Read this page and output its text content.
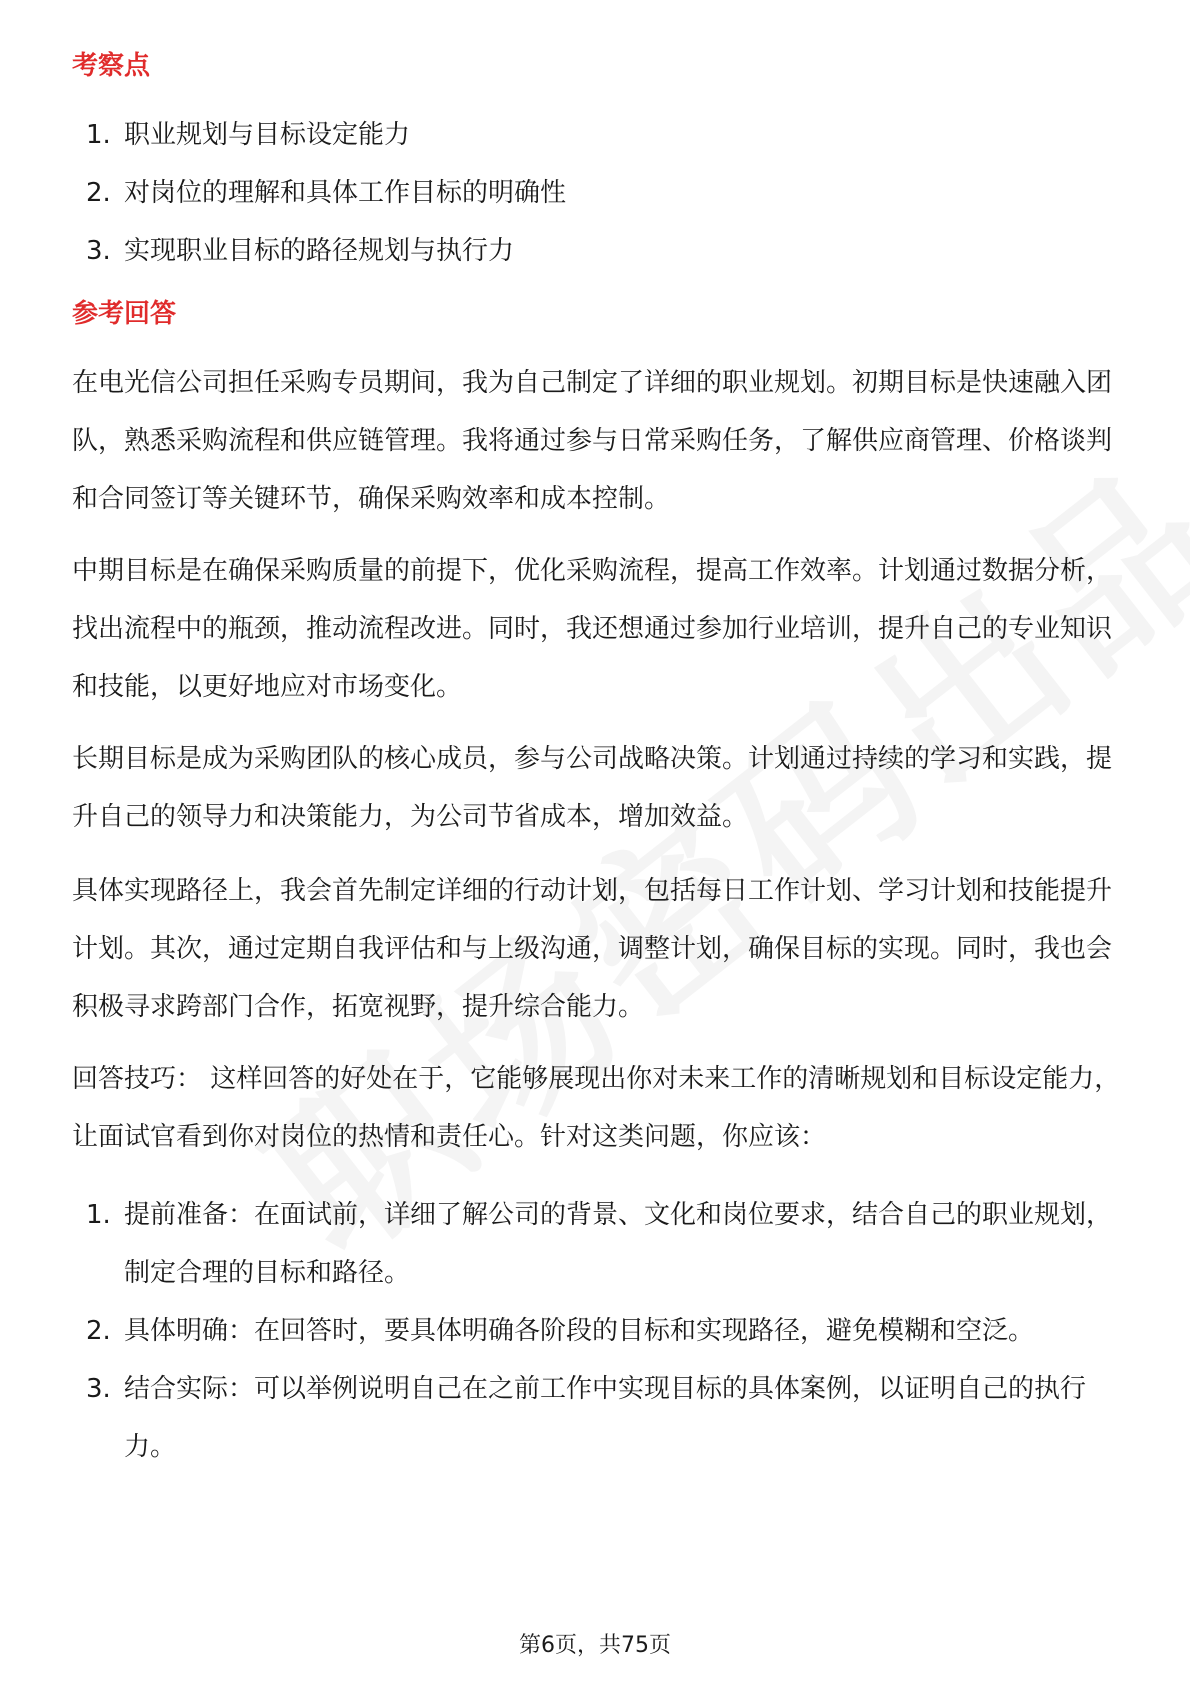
考察点
1. 职业规划与目标设定能力
2. 对岗位的理解和具体工作目标的明确性
3. 实现职业目标的路径规划与执行力
参考回答

在电光信公司担任采购专员期间，我为自己制定了详细的职业规划。初期目标是快速融入团队，熟悉采购流程和供应链管理。我将通过参与日常采购任务，了解供应商管理、价格谈判和合同签订等关键环节，确保采购效率和成本控制。

中期目标是在确保采购质量的前提下，优化采购流程，提高工作效率。计划通过数据分析，找出流程中的瓶颈，推动流程改进。同时，我还想通过参加行业培训，提升自己的专业知识和技能，以更好地应对市场变化。

长期目标是成为采购团队的核心成员，参与公司战略决策。计划通过持续的学习和实践，提升自己的领导力和决策能力，为公司节省成本，增加效益。

具体实现路径上，我会首先制定详细的行动计划，包括每日工作计划、学习计划和技能提升计划。其次，通过定期自我评估和与上级沟通，调整计划，确保目标的实现。同时，我也会积极寻求跨部门合作，拓宽视野，提升综合能力。

回答技巧： 这样回答的好处在于，它能够展现出你对未来工作的清晰规划和目标设定能力，让面试官看到你对岗位的热情和责任心。针对这类问题，你应该：

1. 提前准备：在面试前，详细了解公司的背景、文化和岗位要求，结合自己的职业规划，制定合理的目标和路径。
2. 具体明确：在回答时，要具体明确各阶段的目标和实现路径，避免模糊和空泛。
3. 结合实际：可以举例说明自己在之前工作中实现目标的具体案例，以证明自己的执行力。
第6页，共75页
